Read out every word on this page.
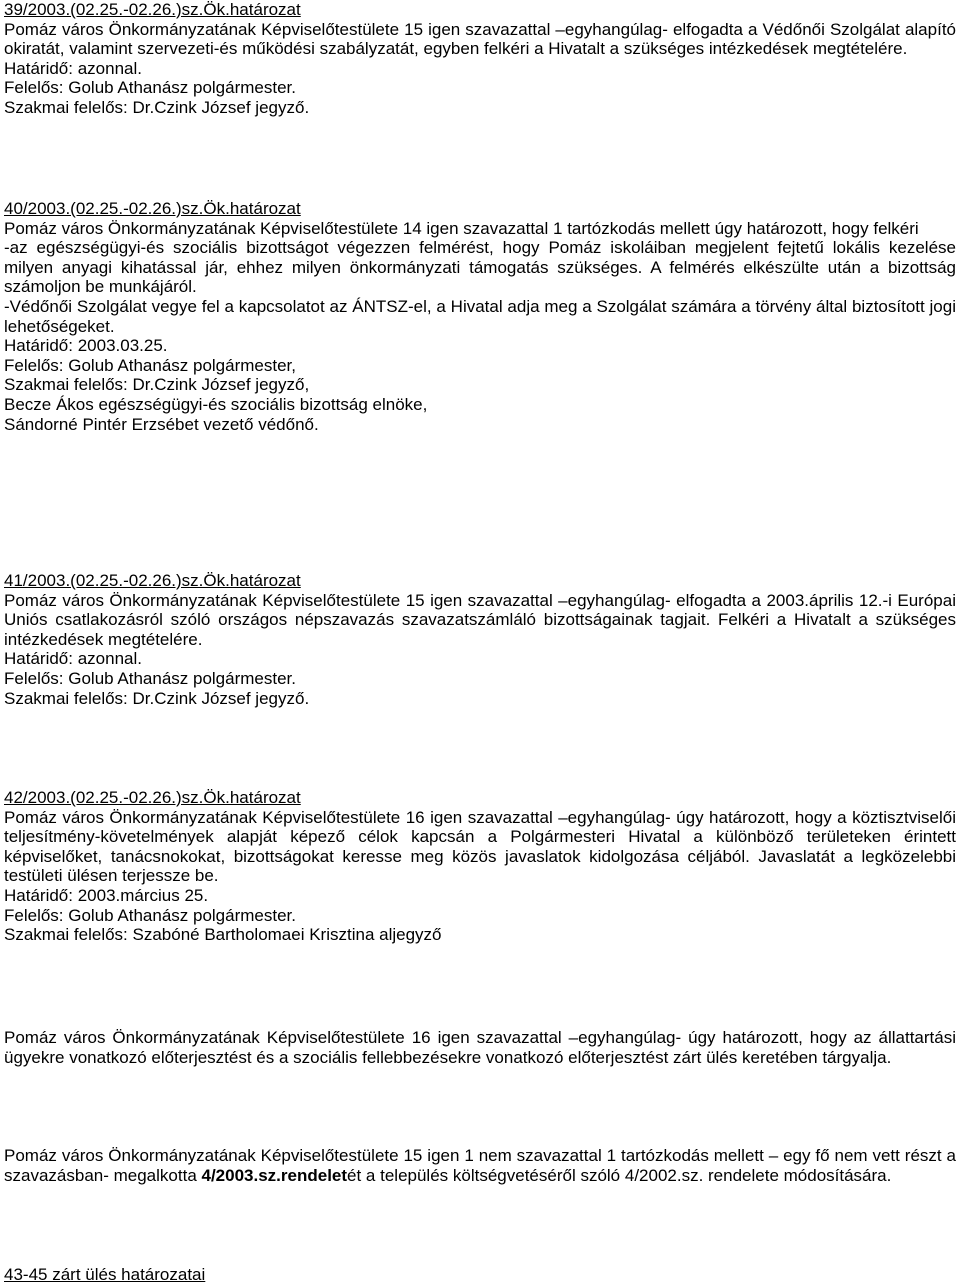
39/2003.(02.25.-02.26.)sz.Ök.határozat

Pomáz város Önkormányzatának Képviselőtestülete 15 igen szavazattal –egyhangúlag- elfogadta a Védőnői Szolgálat alapító okiratát, valamint szervezeti-és működési szabályzatát, egyben felkéri a Hivatalt a szükséges intézkedések megtételére.

Határidő: azonnal.

Felelős: Golub Athanász polgármester.

Szakmai felelős: Dr.Czink József jegyző.

40/2003.(02.25.-02.26.)sz.Ök.határozat

Pomáz város Önkormányzatának Képviselőtestülete 14 igen szavazattal 1 tartózkodás mellett úgy határozott, hogy felkéri

-az egészségügyi-és szociális bizottságot végezzen felmérést, hogy Pomáz iskoláiban megjelent fejtetű lokális kezelése milyen anyagi kihatással jár, ehhez milyen önkormányzati támogatás szükséges. A felmérés elkészülte után a bizottság számoljon be munkájáról.

-Védőnői Szolgálat vegye fel a kapcsolatot az ÁNTSZ-el, a Hivatal adja meg a Szolgálat számára a törvény által biztosított jogi lehetőségeket.

Határidő: 2003.03.25.

Felelős: Golub Athanász polgármester,

Szakmai felelős: Dr.Czink József jegyző,

Becze Ákos egészségügyi-és szociális bizottság elnöke,

Sándorné Pintér Erzsébet vezető védőnő.

41/2003.(02.25.-02.26.)sz.Ök.határozat

Pomáz város Önkormányzatának Képviselőtestülete 15 igen szavazattal –egyhangúlag- elfogadta a 2003.április 12.-i Európai Uniós csatlakozásról szóló országos népszavazás szavazatszámláló bizottságainak tagjait. Felkéri a Hivatalt a szükséges intézkedések megtételére.

Határidő: azonnal.

Felelős: Golub Athanász polgármester.

Szakmai felelős: Dr.Czink József jegyző.

42/2003.(02.25.-02.26.)sz.Ök.határozat

Pomáz város Önkormányzatának Képviselőtestülete 16 igen szavazattal –egyhangúlag- úgy határozott, hogy a köztisztviselői teljesítmény-követelmények alapját képező célok kapcsán a Polgármesteri Hivatal a különböző területeken érintett képviselőket, tanácsnokokat, bizottságokat keresse meg közös javaslatok kidolgozása céljából. Javaslatát a legközelebbi testületi ülésen terjessze be.

Határidő: 2003.március 25.

Felelős: Golub Athanász polgármester.

Szakmai felelős: Szabóné Bartholomaei Krisztina aljegyző

Pomáz város Önkormányzatának Képviselőtestülete 16 igen szavazattal –egyhangúlag- úgy határozott, hogy az állattartási ügyekre vonatkozó előterjesztést és a szociális fellebbezésekre vonatkozó előterjesztést zárt ülés keretében tárgyalja.

Pomáz város Önkormányzatának Képviselőtestülete 15 igen 1 nem szavazattal 1 tartózkodás mellett – egy fő nem vett részt a szavazásban- megalkotta 4/2003.sz.rendeletét a település költségvetéséről szóló 4/2002.sz. rendelete módosítására.

43-45 zárt ülés határozatai
